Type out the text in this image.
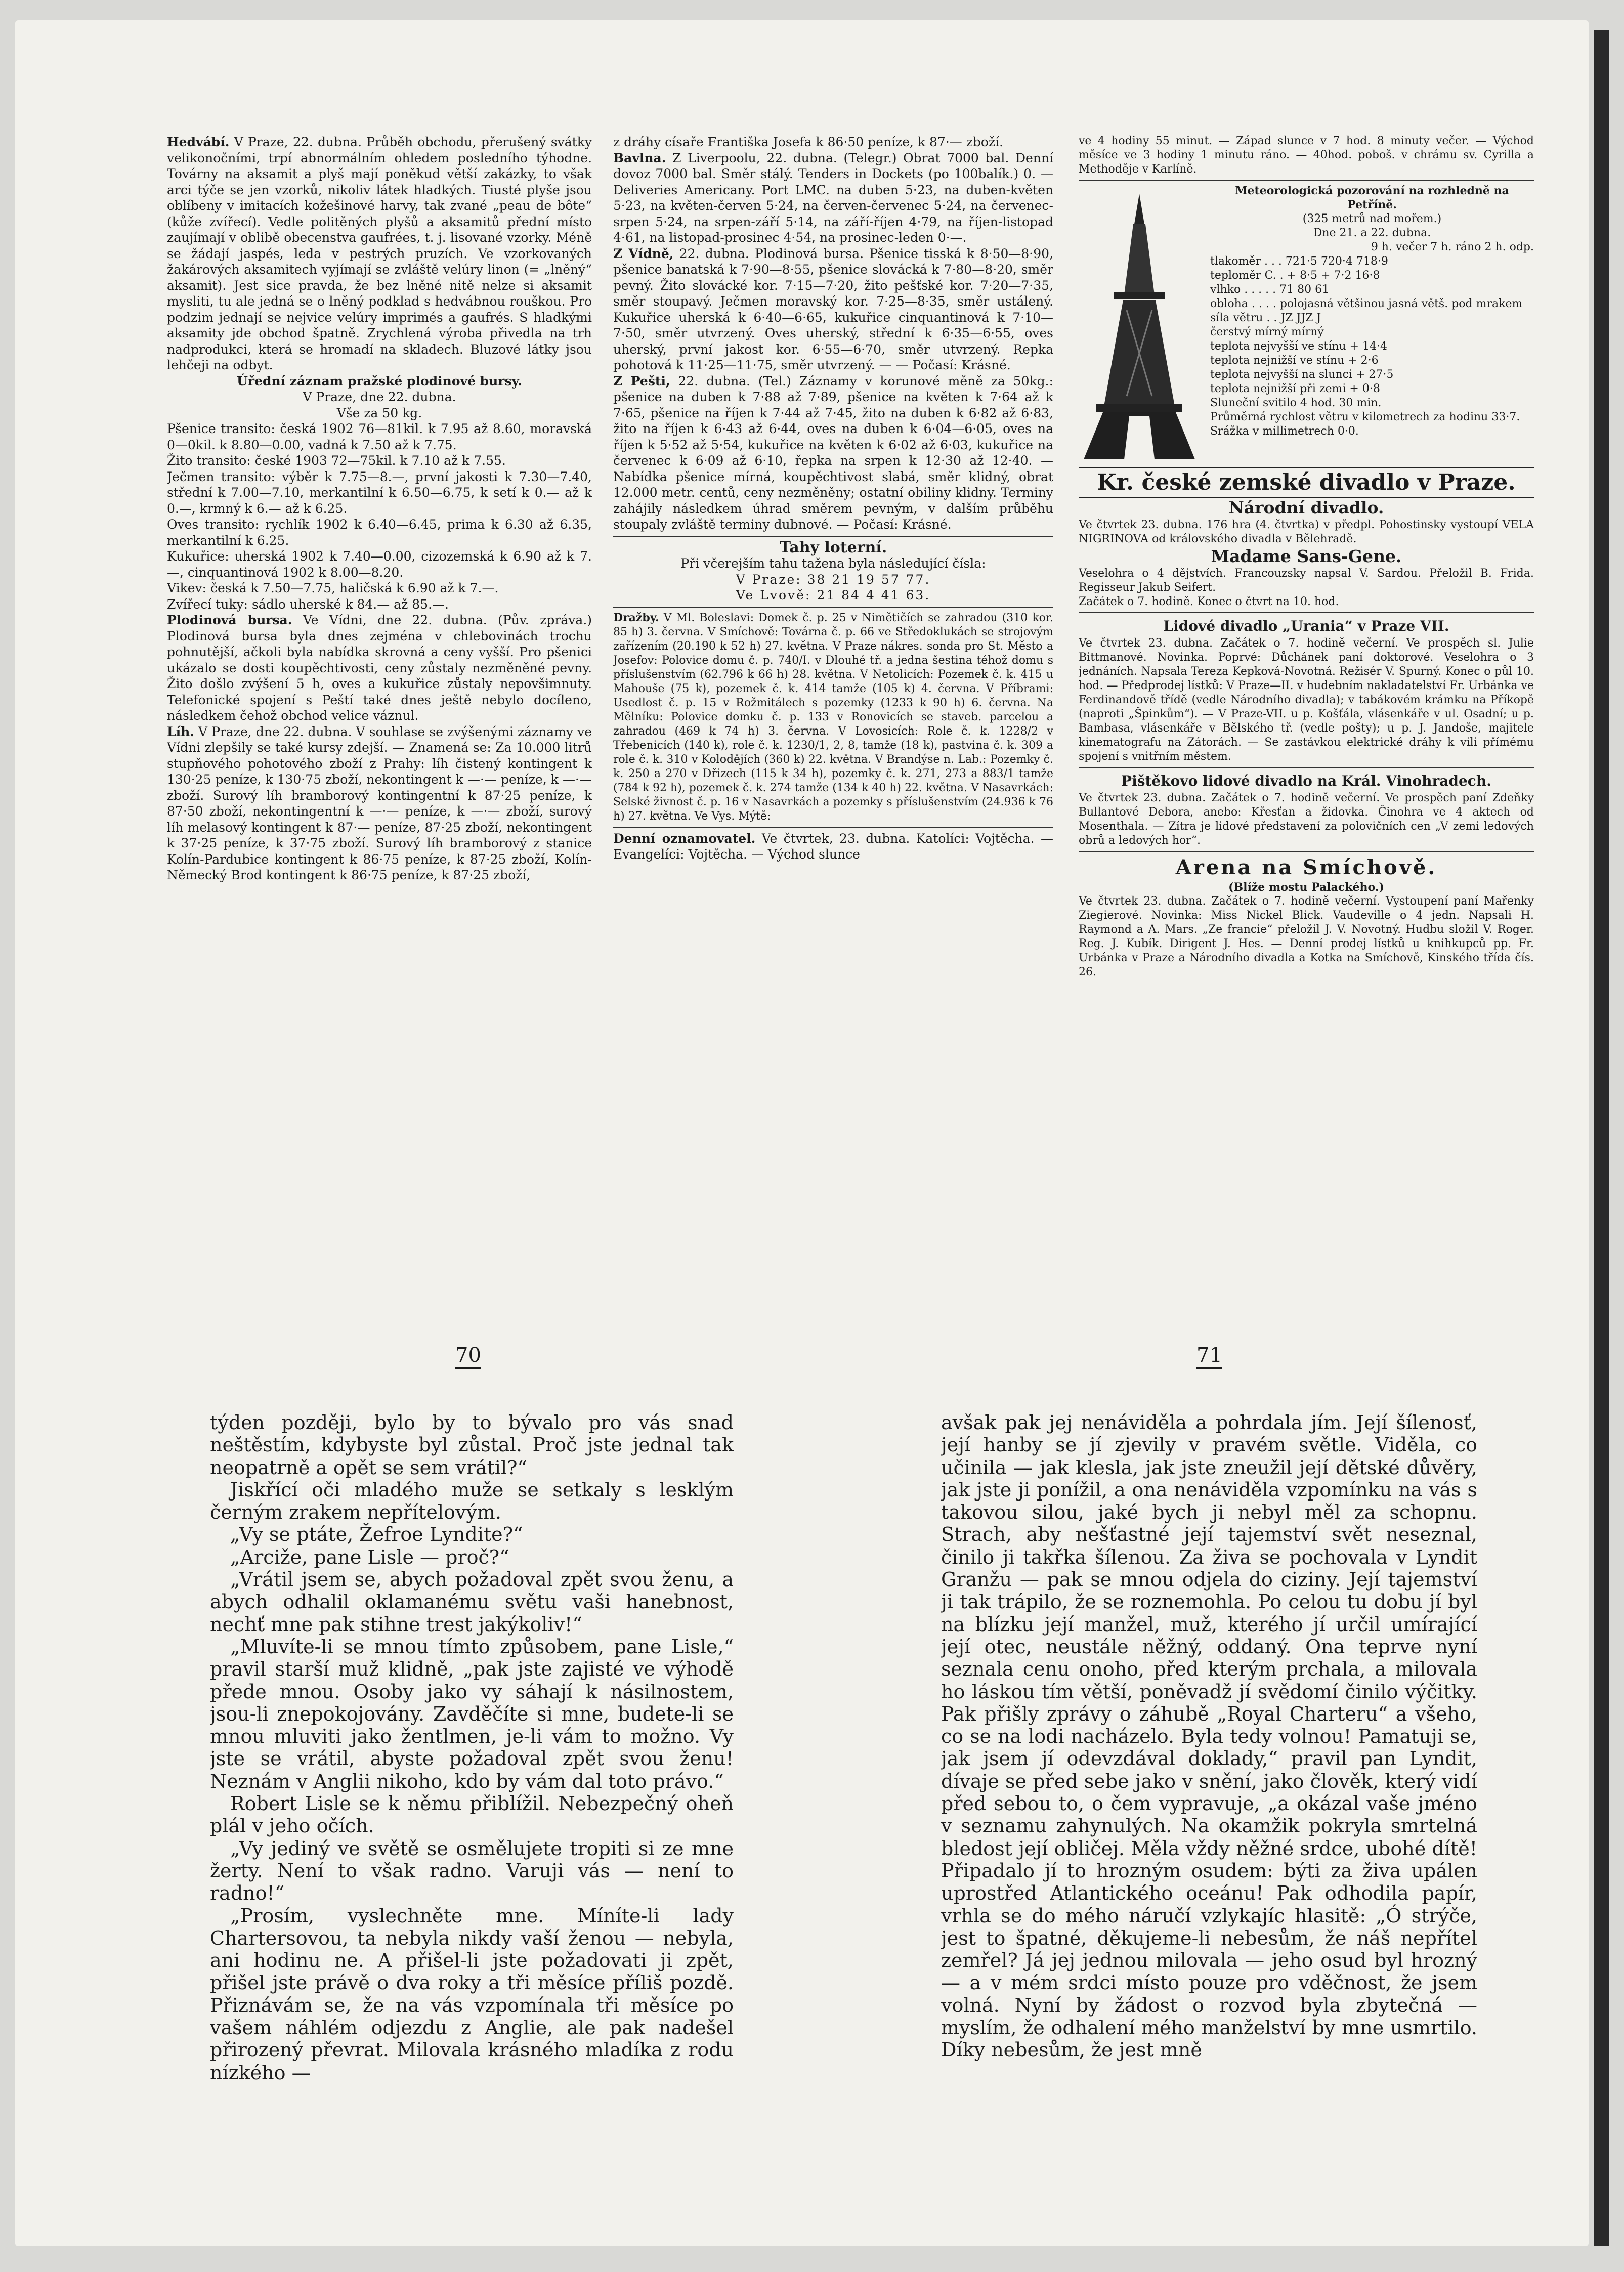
Hedvábí. V Praze, 22. dubna. Průběh obchodu, přerušený svátky velikonočními, trpí abnormálním ohledem posledního týhodne. Továrny na aksamit a plyš mají poněkud větší zakázky, to však arci týče se jen vzorků, nikoliv látek hladkých. Tiusté plyše jsou oblíbeny v imitacích kožešinové harvy, tak zvané „peau de bôte“ (kůže zvířecí). Vedle politěných plyšů a aksamitů přední místo zaujímají v oblibě obecenstva gaufrées, t. j. lisované vzorky. Méně se žádají jaspés, leda v pestrých pruzích. Ve vzorkovaných žakárových aksamitech vyjímají se zvláště velúry linon (= „lněný“ aksamit). Jest sice pravda, že bez lněné nitě nelze si aksamit mysliti, tu ale jedná se o lněný podklad s hedvábnou rouškou. Pro podzim jednají se nejvice velúry imprimés a gaufrés. S hladkými aksamity jde obchod špatně. Zrychlená výroba přivedla na trh nadprodukci, která se hromadí na skladech. Bluzové látky jsou lehčeji na odbyt.

Úřední záznam pražské plodinové bursy.

V Praze, dne 22. dubna.

Vše za 50 kg.

Pšenice transito: česká 1902 76—81kil. k 7.95 až 8.60, moravská 0—0kil. k 8.80—0.00, vadná k 7.50 až k 7.75.

Žito transito: české 1903 72—75kil. k 7.10 až k 7.55.

Ječmen transito: výběr k 7.75—8.—, první jakosti k 7.30—7.40, střední k 7.00—7.10, merkantilní k 6.50—6.75, k setí k 0.— až k 0.—, krmný k 6.— až k 6.25.

Oves transito: rychlík 1902 k 6.40—6.45, prima k 6.30 až 6.35, merkantilní k 6.25.

Kukuřice: uherská 1902 k 7.40—0.00, cizozemská k 6.90 až k 7.—, cinquantinová 1902 k 8.00—8.20.

Vikev: česká k 7.50—7.75, haličská k 6.90 až k 7.—.

Zvířecí tuky: sádlo uherské k 84.— až 85.—.

Plodinová bursa. Ve Vídni, dne 22. dubna. (Pův. zpráva.) Plodinová bursa byla dnes zejména v chlebovinách trochu pohnutější, ačkoli byla nabídka skrovná a ceny vyšší. Pro pšenici ukázalo se dosti koupěchtivosti, ceny zůstaly nezměněné pevny. Žito došlo zvýšení 5 h, oves a kukuřice zůstaly nepovšimnuty. Telefonické spojení s Peští také dnes ještě nebylo docíleno, následkem čehož obchod velice váznul.

Líh. V Praze, dne 22. dubna. V souhlase se zvýšenými záznamy ve Vídni zlepšily se také kursy zdejší. — Znamená se: Za 10.000 litrů stupňového pohotového zboží z Prahy: líh čistený kontingent k 130·25 peníze, k 130·75 zboží, nekontingent k —·— peníze, k —·— zboží. Surový líh bramborový kontingentní k 87·25 peníze, k 87·50 zboží, nekontingentní k —·— peníze, k —·— zboží, surový líh melasový kontingent k 87·— peníze, 87·25 zboží, nekontingent k 37·25 peníze, k 37·75 zboží. Surový líh bramborový z stanice Kolín-Pardubice kontingent k 86·75 peníze, k 87·25 zboží, Kolín-Německý Brod kontingent k 86·75 peníze, k 87·25 zboží,

z dráhy císaře Františka Josefa k 86·50 peníze, k 87·— zboží.

Bavlna. Z Liverpoolu, 22. dubna. (Telegr.) Obrat 7000 bal. Denní dovoz 7000 bal. Směr stálý. Tenders in Dockets (po 100balík.) 0. — Deliveries Americany. Port LMC. na duben 5·23, na duben-květen 5·23, na květen-červen 5·24, na červen-červenec 5·24, na červenec-srpen 5·24, na srpen-září 5·14, na září-říjen 4·79, na říjen-listopad 4·61, na listopad-prosinec 4·54, na prosinec-leden 0·—.

Z Vídně, 22. dubna. Plodinová bursa. Pšenice tisská k 8·50—8·90, pšenice banatská k 7·90—8·55, pšenice slovácká k 7·80—8·20, směr pevný. Žito slovácké kor. 7·15—7·20, žito pešťské kor. 7·20—7·35, směr stoupavý. Ječmen moravský kor. 7·25—8·35, směr ustálený. Kukuřice uherská k 6·40—6·65, kukuřice cinquantinová k 7·10—7·50, směr utvrzený. Oves uherský, střední k 6·35—6·55, oves uherský, první jakost kor. 6·55—6·70, směr utvrzený. Repka pohotová k 11·25—11·75, směr utvrzený. — — Počasí: Krásné.

Z Pešti, 22. dubna. (Tel.) Záznamy v korunové měně za 50kg.: pšenice na duben k 7·88 až 7·89, pšenice na květen k 7·64 až k 7·65, pšenice na říjen k 7·44 až 7·45, žito na duben k 6·82 až 6·83, žito na říjen k 6·43 až 6·44, oves na duben k 6·04—6·05, oves na říjen k 5·52 až 5·54, kukuřice na květen k 6·02 až 6·03, kukuřice na červenec k 6·09 až 6·10, řepka na srpen k 12·30 až 12·40. — Nabídka pšenice mírná, koupěchtivost slabá, směr klidný, obrat 12.000 metr. centů, ceny nezměněny; ostatní obiliny klidny. Terminy zahájily následkem úhrad směrem pevným, v dalším průběhu stoupaly zvláště terminy dubnové. — Počasí: Krásné.

Tahy loterní.

Při včerejším tahu tažena byla následující čísla:

V Praze: 38 21 19 57 77.

Ve Lvově: 21 84 4 41 63.

Dražby. V Ml. Boleslavi: Domek č. p. 25 v Nimětičích se zahradou (310 kor. 85 h) 3. června. V Smíchově: Továrna č. p. 66 ve Středoklukách se strojovým zařízením (20.190 k 52 h) 27. května. V Praze nákres. sonda pro St. Město a Josefov: Polovice domu č. p. 740/I. v Dlouhé tř. a jedna šestina téhož domu s příslušenstvím (62.796 k 66 h) 28. května. V Netolicích: Pozemek č. k. 415 u Mahouše (75 k), pozemek č. k. 414 tamže (105 k) 4. června. V Příbrami: Usedlost č. p. 15 v Rožmitálech s pozemky (1233 k 90 h) 6. června. Na Mělníku: Polovice domku č. p. 133 v Ronovicích se staveb. parcelou a zahradou (469 k 74 h) 3. června. V Lovosicích: Role č. k. 1228/2 v Třebenicích (140 k), role č. k. 1230/1, 2, 8, tamže (18 k), pastvina č. k. 309 a role č. k. 310 v Kolodějích (360 k) 22. května. V Brandýse n. Lab.: Pozemky č. k. 250 a 270 v Dřizech (115 k 34 h), pozemky č. k. 271, 273 a 883/1 tamže (784 k 92 h), pozemek č. k. 274 tamže (134 k 40 h) 22. května. V Nasavrkách: Selské živnost č. p. 16 v Nasavrkách a pozemky s příslušenstvím (24.936 k 76 h) 27. května. Ve Vys. Mýtě:

Denní oznamovatel. Ve čtvrtek, 23. dubna. Katolíci: Vojtěcha. — Evangelíci: Vojtěcha. — Východ slunce

ve 4 hodiny 55 minut. — Západ slunce v 7 hod. 8 minuty večer. — Východ měsíce ve 3 hodiny 1 minutu ráno. — 40hod. poboš. v chrámu sv. Cyrilla a Methoděje v Karlíně.

Meteorologická pozorování na rozhledně na Petříně.

(325 metrů nad mořem.)

Dne 21. a 22. dubna.

9 h. večer 7 h. ráno 2 h. odp.

tlakoměr . . . 721·5 720·4 718·9

teploměr C. . + 8·5 + 7·2 16·8

vlhko . . . . . 71 80 61

obloha . . . . polojasná většinou jasná větš. pod mrakem

síla větru . . JZ JJZ J

čerstvý mírný mírný

teplota nejvyšší ve stínu + 14·4

teplota nejnižší ve stínu + 2·6

teplota nejvyšší na slunci + 27·5

teplota nejnižší při zemi + 0·8

Sluneční svitilo 4 hod. 30 min.

Průměrná rychlost větru v kilometrech za hodinu 33·7.

Srážka v millimetrech 0·0.

Kr. české zemské divadlo v Praze.

Národní divadlo.

Ve čtvrtek 23. dubna. 176 hra (4. čtvrtka) v předpl. Pohostinsky vystoupí VELA NIGRINOVA od královského divadla v Bělehradě.

Madame Sans-Gene.

Veselohra o 4 dějstvích. Francouzsky napsal V. Sardou. Přeložil B. Frida. Regisseur Jakub Seifert.

Začátek o 7. hodině. Konec o čtvrt na 10. hod.

Lidové divadlo „Urania“ v Praze VII.

Ve čtvrtek 23. dubna. Začátek o 7. hodině večerní. Ve prospěch sl. Julie Bittmanové. Novinka. Poprvé: Důchánek paní doktorové. Veselohra o 3 jednáních. Napsala Tereza Kepková-Novotná. Režisér V. Spurný. Konec o půl 10. hod. — Předprodej lístků: V Praze—II. v hudebním nakladatelství Fr. Urbánka ve Ferdinandově třídě (vedle Národního divadla); v tabákovém krámku na Příkopě (naproti „Špinkům“). — V Praze-VII. u p. Košťála, vlásenkáře v ul. Osadní; u p. Bambasa, vlásenkáře v Bělského tř. (vedle pošty); u p. J. Jandoše, majitele kinematografu na Zátorách. — Se zastávkou elektrické dráhy k vili přímému spojení s vnitřním městem.

Pištěkovo lidové divadlo na Král. Vinohradech.

Ve čtvrtek 23. dubna. Začátek o 7. hodině večerní. Ve prospěch paní Zdeňky Bullantové Debora, anebo: Křesťan a židovka. Činohra ve 4 aktech od Mosenthala. — Zítra je lidové představení za polovičních cen „V zemi ledových obrů a ledových hor“.

Arena na Smíchově.

(Blíže mostu Palackého.)

Ve čtvrtek 23. dubna. Začátek o 7. hodině večerní. Vystoupení paní Mařenky Ziegierové. Novinka: Miss Nickel Blick. Vaudeville o 4 jedn. Napsali H. Raymond a A. Mars. „Ze francie“ přeložil J. V. Novotný. Hudbu složil V. Roger. Reg. J. Kubík. Dirigent J. Hes. — Denní prodej lístků u knihkupců pp. Fr. Urbánka v Praze a Národního divadla a Kotka na Smíchově, Kinského třída čís. 26.

70	71

týden později, bylo by to bývalo pro vás snad neštěstím, kdybyste byl zůstal. Proč jste jednal tak neopatrně a opět se sem vrátil?“

Jiskřící oči mladého muže se setkaly s lesklým černým zrakem nepřítelovým.

„Vy se ptáte, Žefroe Lyndite?“

„Arciže, pane Lisle — proč?“

„Vrátil jsem se, abych požadoval zpět svou ženu, a abych odhalil oklamanému světu vaši hanebnost, nechť mne pak stihne trest jakýkoliv!“

„Mluvíte-li se mnou tímto způsobem, pane Lisle,“ pravil starší muž klidně, „pak jste zajisté ve výhodě přede mnou. Osoby jako vy sáhají k násilnostem, jsou-li znepokojovány. Zavděčíte si mne, budete-li se mnou mluviti jako žentlmen, je-li vám to možno. Vy jste se vrátil, abyste požadoval zpět svou ženu! Neznám v Anglii nikoho, kdo by vám dal toto právo.“

Robert Lisle se k němu přiblížil. Nebezpečný oheň plál v jeho očích.

„Vy jediný ve světě se osmělujete tropiti si ze mne žerty. Není to však radno. Varuji vás — není to radno!“

„Prosím, vyslechněte mne. Míníte-li lady Chartersovou, ta nebyla nikdy vaší ženou — nebyla, ani hodinu ne. A přišel-li jste požadovati ji zpět, přišel jste právě o dva roky a tři měsíce příliš pozdě. Přiznávám se, že na vás vzpomínala tři měsíce po vašem náhlém odjezdu z Anglie, ale pak nadešel přirozený převrat. Milovala krásného mladíka z rodu nízkého —

avšak pak jej nenáviděla a pohrdala jím. Její šílenosť, její hanby se jí zjevily v pravém světle. Viděla, co učinila — jak klesla, jak jste zneužil její dětské důvěry, jak jste ji ponížil, a ona nenáviděla vzpomínku na vás s takovou silou, jaké bych ji nebyl měl za schopnu. Strach, aby nešťastné její tajemství svět neseznal, činilo ji takřka šílenou. Za živa se pochovala v Lyndit Granžu — pak se mnou odjela do ciziny. Její tajemství ji tak trápilo, že se roznemohla. Po celou tu dobu jí byl na blízku její manžel, muž, kterého jí určil umírající její otec, neustále něžný, oddaný. Ona teprve nyní seznala cenu onoho, před kterým prchala, a milovala ho láskou tím větší, poněvadž jí svědomí činilo výčitky. Pak přišly zprávy o záhubě „Royal Charteru“ a všeho, co se na lodi nacházelo. Byla tedy volnou! Pamatuji se, jak jsem jí odevzdával doklady,“ pravil pan Lyndit, dívaje se před sebe jako v snění, jako člověk, který vidí před sebou to, o čem vypravuje, „a okázal vaše jméno v seznamu zahynulých. Na okamžik pokryla smrtelná bledost její obličej. Měla vždy něžné srdce, ubohé dítě! Připadalo jí to hrozným osudem: býti za živa upálen uprostřed Atlantického oceánu! Pak odhodila papír, vrhla se do mého náručí vzlykajíc hlasitě: „Ó strýče, jest to špatné, děkujeme-li nebesům, že náš nepřítel zemřel? Já jej jednou milovala — jeho osud byl hrozný — a v mém srdci místo pouze pro vděčnost, že jsem volná. Nyní by žádost o rozvod byla zbytečná — myslím, že odhalení mého manželství by mne usmrtilo. Díky nebesům, že jest mně
